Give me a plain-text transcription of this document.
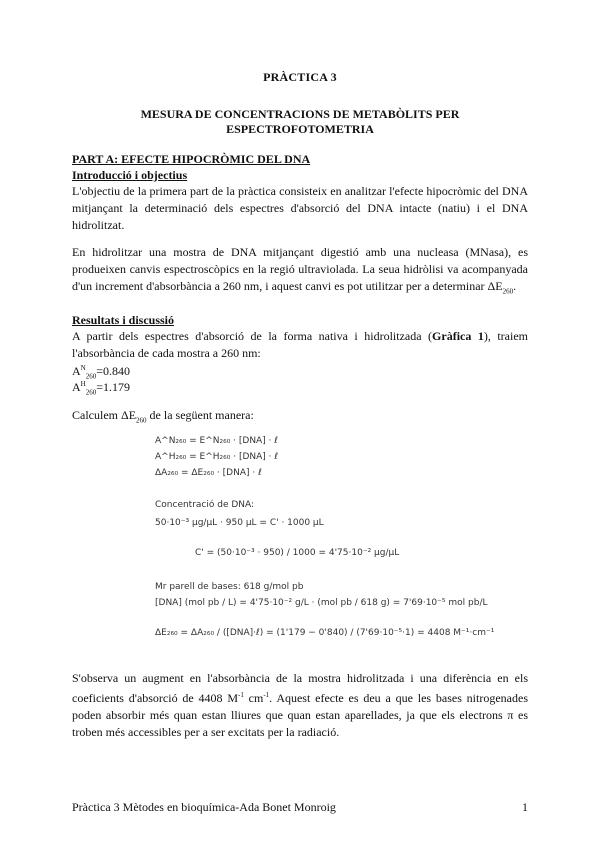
PRÀCTICA 3
MESURA DE CONCENTRACIONS DE METABÒLITS PER
ESPECTROFOTOMETRIA
PART A: EFECTE HIPOCRÒMIC DEL DNA
Introducció i objectius
L'objectiu de la primera part de la pràctica consisteix en analitzar l'efecte hipocròmic del DNA mitjançant la determinació dels espectres d'absorció del DNA intacte (natiu) i el DNA hidrolitzat.
En hidrolitzar una mostra de DNA mitjançant digestió amb una nucleasa (MNasa), es produeixen canvis espectroscòpics en la regió ultraviolada. La seua hidròlisi va acompanyada d'un increment d'absorbància a 260 nm, i aquest canvi es pot utilitzar per a determinar $\Delta E_{260}$.
Resultats i discussió
A partir dels espectres d'absorció de la forma nativa i hidrolitzada (Gràfica 1), traiem l'absorbància de cada mostra a 260 nm:
$A^N_{260}=0.840$
$A^H_{260}=1.179$
Calculem $\Delta E_{260}$ de la següent manera:
A^N₂₆₀ = E^N₂₆₀ · [DNA] · ℓ
A^H₂₆₀ = E^H₂₆₀ · [DNA] · ℓ
ΔA₂₆₀ = ΔE₂₆₀ · [DNA] · ℓ
Concentració de DNA:
50·10⁻³ µg/µL · 950 µL = C' · 1000 µL
C' = (50·10⁻³ · 950) / 1000 = 4'75·10⁻² µg/µL
Mr parell de bases: 618 g/mol pb
[DNA] (mol pb / L) = 4'75·10⁻² g/L · (mol pb / 618 g) = 7'69·10⁻⁵ mol pb/L
ΔE₂₆₀ = ΔA₂₆₀ / ([DNA]·ℓ) = (1'179 − 0'840) / (7'69·10⁻⁵·1) = 4408 M⁻¹·cm⁻¹
S'observa un augment en l'absorbància de la mostra hidrolitzada i una diferència en els coeficients d'absorció de 4408 $M^{-1}$ $cm^{-1}$. Aquest efecte es deu a que les bases nitrogenades poden absorbir més quan estan lliures que quan estan aparellades, ja que els electrons π es troben més accessibles per a ser excitats per la radiació.
Pràctica 3 Mètodes en bioquímica-Ada Bonet Monroig	1
